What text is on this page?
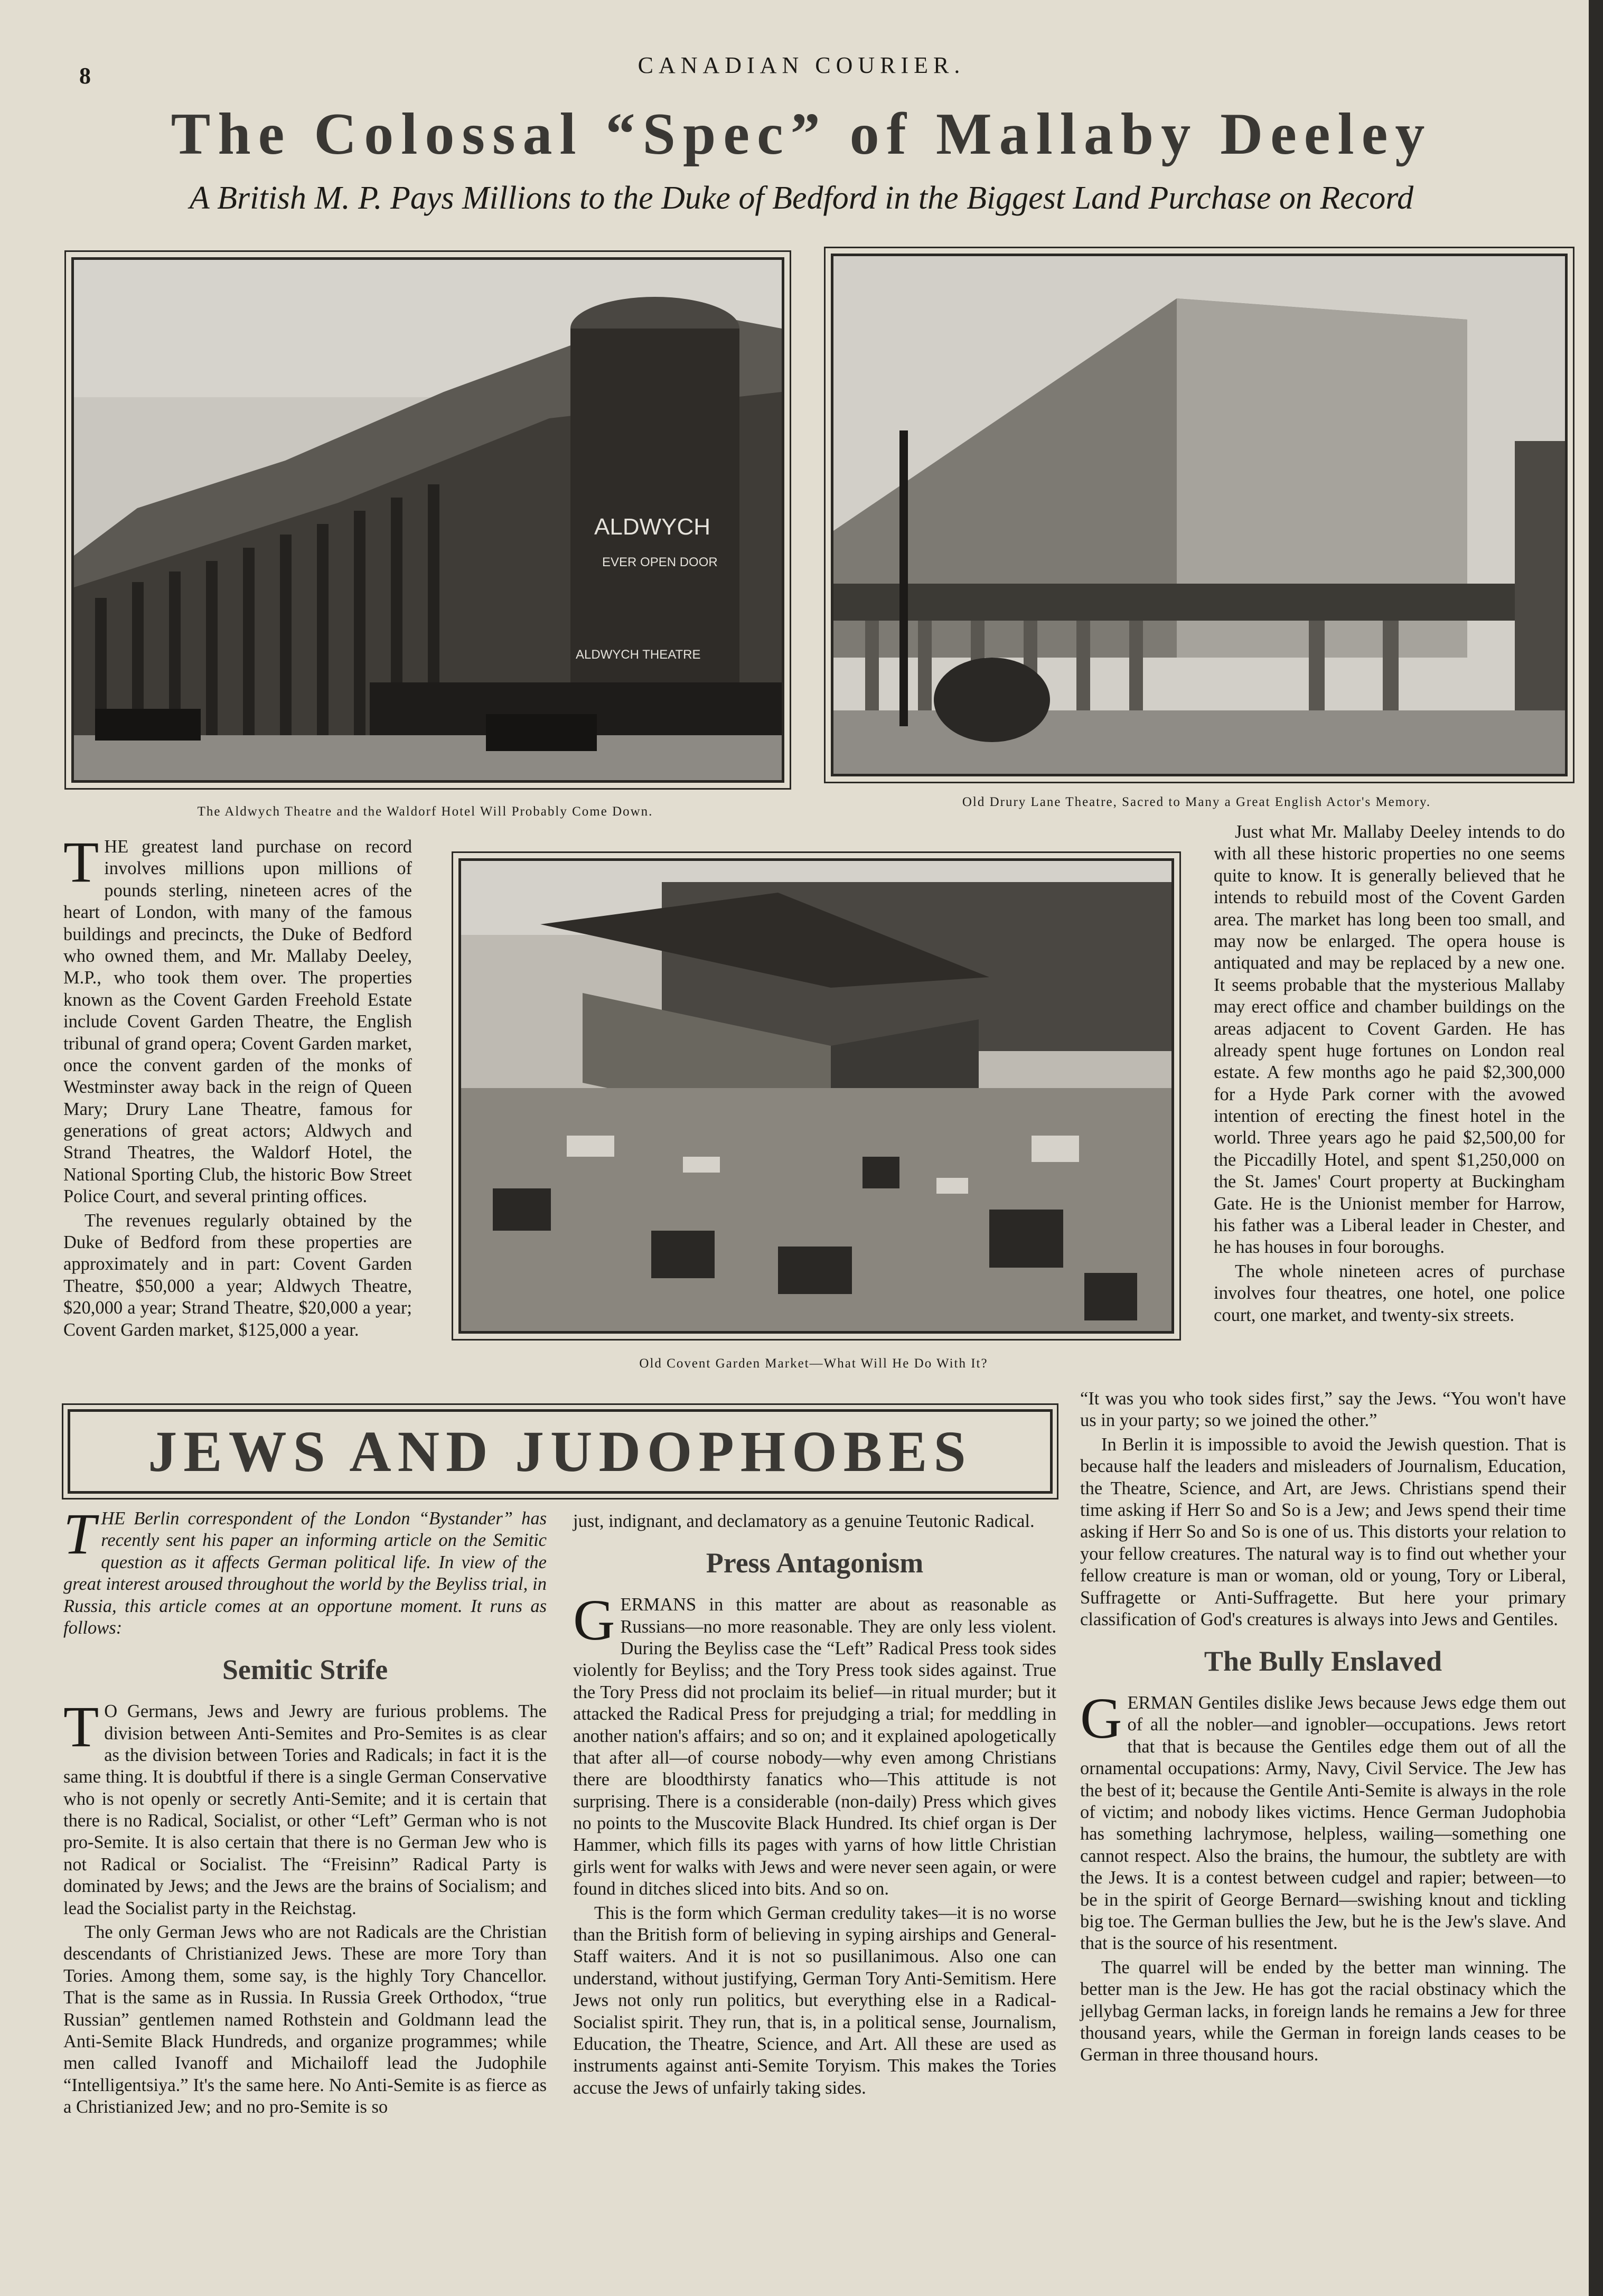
8	CANADIAN COURIER.
The Colossal “Spec” of Mallaby Deeley
A British M. P. Pays Millions to the Duke of Bedford in the Biggest Land Purchase on Record
ALDWYCH
EVER OPEN DOOR
ALDWYCH THEATRE
The Aldwych Theatre and the Waldorf Hotel Will Probably Come Down.
Old Drury Lane Theatre, Sacred to Many a Great English Actor's Memory.

THE greatest land purchase on record involves millions upon millions of pounds sterling, nineteen acres of the heart of London, with many of the famous buildings and precincts, the Duke of Bedford who owned them, and Mr. Mallaby Deeley, M.P., who took them over. The properties known as the Covent Garden Freehold Estate include Covent Garden Theatre, the English tribunal of grand opera; Covent Garden market, once the convent garden of the monks of Westminster away back in the reign of Queen Mary; Drury Lane Theatre, famous for generations of great actors; Aldwych and Strand Theatres, the Waldorf Hotel, the National Sporting Club, the historic Bow Street Police Court, and several printing offices.

The revenues regularly obtained by the Duke of Bedford from these properties are approximately and in part: Covent Garden Theatre, $50,000 a year; Aldwych Theatre, $20,000 a year; Strand Theatre, $20,000 a year; Covent Garden market, $125,000 a year.

Old Covent Garden Market—What Will He Do With It?

Just what Mr. Mallaby Deeley intends to do with all these historic properties no one seems quite to know. It is generally believed that he intends to rebuild most of the Covent Garden area. The market has long been too small, and may now be enlarged. The opera house is antiquated and may be replaced by a new one. It seems probable that the mysterious Mallaby may erect office and chamber buildings on the areas adjacent to Covent Garden. He has already spent huge fortunes on London real estate. A few months ago he paid $2,300,000 for a Hyde Park corner with the avowed intention of erecting the finest hotel in the world. Three years ago he paid $2,500,00 for the Piccadilly Hotel, and spent $1,250,000 on the St. James' Court property at Buckingham Gate. He is the Unionist member for Harrow, his father was a Liberal leader in Chester, and he has houses in four boroughs.

The whole nineteen acres of purchase involves four theatres, one hotel, one police court, one market, and twenty-six streets.

JEWS AND JUDOPHOBES

THE Berlin correspondent of the London “Bystander” has recently sent his paper an informing article on the Semitic question as it affects German political life. In view of the great interest aroused throughout the world by the Beyliss trial, in Russia, this article comes at an opportune moment. It runs as follows:

Semitic Strife

T O Germans, Jews and Jewry are furious problems. The division between Anti-Semites and Pro-Semites is as clear as the division between Tories and Radicals; in fact it is the same thing. It is doubtful if there is a single German Conservative who is not openly or secretly Anti-Semite; and it is certain that there is no Radical, Socialist, or other “Left” German who is not pro-Semite. It is also certain that there is no German Jew who is not Radical or Socialist. The “Freisinn” Radical Party is dominated by Jews; and the Jews are the brains of Socialism; and lead the Socialist party in the Reichstag.

The only German Jews who are not Radicals are the Christian descendants of Christianized Jews. These are more Tory than Tories. Among them, some say, is the highly Tory Chancellor. That is the same as in Russia. In Russia Greek Orthodox, “true Russian” gentlemen named Rothstein and Goldmann lead the Anti-Semite Black Hundreds, and organize programmes; while men called Ivanoff and Michailoff lead the Judophile “Intelligentsiya.” It's the same here. No Anti-Semite is as fierce as a Christianized Jew; and no pro-Semite is so

just, indignant, and declamatory as a genuine Teutonic Radical.

Press Antagonism

GERMANS in this matter are about as reasonable as Russians—no more reasonable. They are only less violent. During the Beyliss case the “Left” Radical Press took sides violently for Beyliss; and the Tory Press took sides against. True the Tory Press did not proclaim its belief—in ritual murder; but it attacked the Radical Press for prejudging a trial; for meddling in another nation's affairs; and so on; and it explained apologetically that after all—of course nobody—why even among Christians there are bloodthirsty fanatics who—This attitude is not surprising. There is a considerable (non-daily) Press which gives no points to the Muscovite Black Hundred. Its chief organ is Der Hammer, which fills its pages with yarns of how little Christian girls went for walks with Jews and were never seen again, or were found in ditches sliced into bits. And so on.

This is the form which German credulity takes—it is no worse than the British form of believing in syping airships and General-Staff waiters. And it is not so pusillanimous. Also one can understand, without justifying, German Tory Anti-Semitism. Here Jews not only run politics, but everything else in a Radical-Socialist spirit. They run, that is, in a political sense, Journalism, Education, the Theatre, Science, and Art. All these are used as instruments against anti-Semite Toryism. This makes the Tories accuse the Jews of unfairly taking sides.

“It was you who took sides first,” say the Jews. “You won't have us in your party; so we joined the other.”

In Berlin it is impossible to avoid the Jewish question. That is because half the leaders and misleaders of Journalism, Education, the Theatre, Science, and Art, are Jews. Christians spend their time asking if Herr So and So is a Jew; and Jews spend their time asking if Herr So and So is one of us. This distorts your relation to your fellow creatures. The natural way is to find out whether your fellow creature is man or woman, old or young, Tory or Liberal, Suffragette or Anti-Suffragette. But here your primary classification of God's creatures is always into Jews and Gentiles.

The Bully Enslaved

GERMAN Gentiles dislike Jews because Jews edge them out of all the nobler—and ignobler—occupations. Jews retort that that is because the Gentiles edge them out of all the ornamental occupations: Army, Navy, Civil Service. The Jew has the best of it; because the Gentile Anti-Semite is always in the role of victim; and nobody likes victims. Hence German Judophobia has something lachrymose, helpless, wailing—something one cannot respect. Also the brains, the humour, the subtlety are with the Jews. It is a contest between cudgel and rapier; between—to be in the spirit of George Bernard—swishing knout and tickling big toe. The German bullies the Jew, but he is the Jew's slave. And that is the source of his resentment.

The quarrel will be ended by the better man winning. The better man is the Jew. He has got the racial obstinacy which the jellybag German lacks, in foreign lands he remains a Jew for three thousand years, while the German in foreign lands ceases to be German in three thousand hours.
